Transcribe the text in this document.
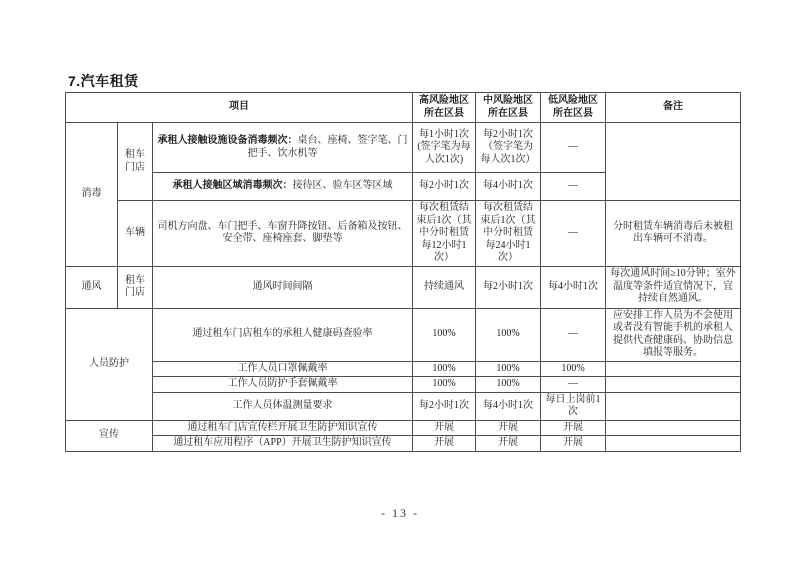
7.汽车租赁
项目			高风险地区所在区县	中风险地区所在区县	低风险地区所在区县	备注
消毒	租车门店	承租人接触设施设备消毒频次：桌台、座椅、签字笔、门把手、饮水机等	每1小时1次(签字笔为每人次1次)	每2小时1次（签字笔为每人次1次）	—	
		承租人接触区域消毒频次：接待区、验车区等区域	每2小时1次	每4小时1次	—	
	车辆	司机方向盘、车门把手、车窗升降按钮、后备箱及按钮、安全带、座椅座套、脚垫等	每次租赁结束后1次（其中分时租赁每12小时1次）	每次租赁结束后1次（其中分时租赁每24小时1次）	—	分时租赁车辆消毒后未被租出车辆可不消毒。
通风	租车门店	通风时间间隔	持续通风	每2小时1次	每4小时1次	每次通风时间≥10分钟；室外温度等条件适宜情况下，宜持续自然通风。
人员防护		通过租车门店租车的承租人健康码查验率	100%	100%	—	应安排工作人员为不会使用或者没有智能手机的承租人提供代查健康码、协助信息填报等服务。
		工作人员口罩佩戴率	100%	100%	100%	
		工作人员防护手套佩戴率	100%	100%	—	
		工作人员体温测量要求	每2小时1次	每4小时1次	每日上岗前1次	
宣传		通过租车门店宣传栏开展卫生防护知识宣传	开展	开展	开展	
		通过租车应用程序（APP）开展卫生防护知识宣传	开展	开展	开展	
- 13 -
